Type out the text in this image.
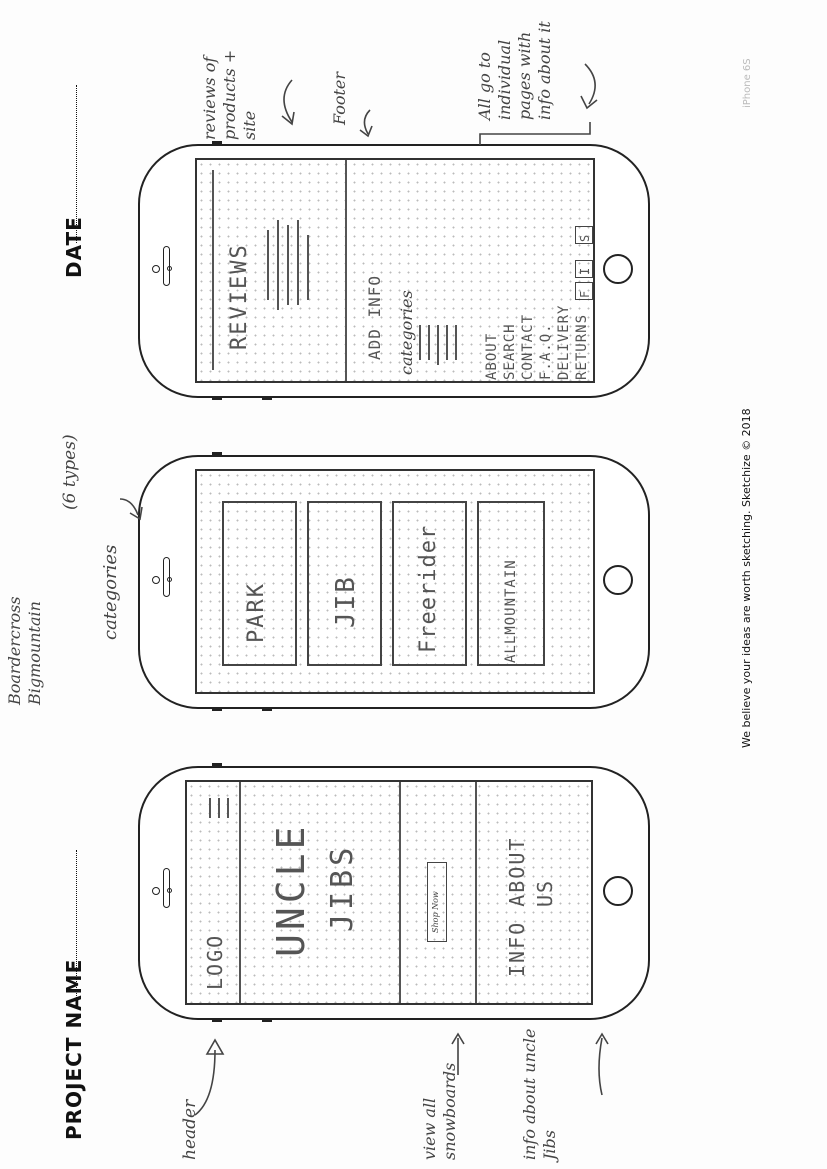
PROJECT NAME
DATE
We believe your ideas are worth sketching. Sketchize © 2018
iPhone 6S
LOGO
UNCLE JIBS	Shop Now	INFO ABOUT US
PARK JIB	Freerider	ALLMOUNTAIN
REVIEWS	ADD INFO categories	ABOUT SEARCH CONTACT F.A.Q. DELIVERY RETURNS
F
I
S
header	view all snowboards	info about uncle Jibs
Boardercross Bigmountain
categories
(6 types)
reviews of products + site
Footer	All go to individual pages with info about it
